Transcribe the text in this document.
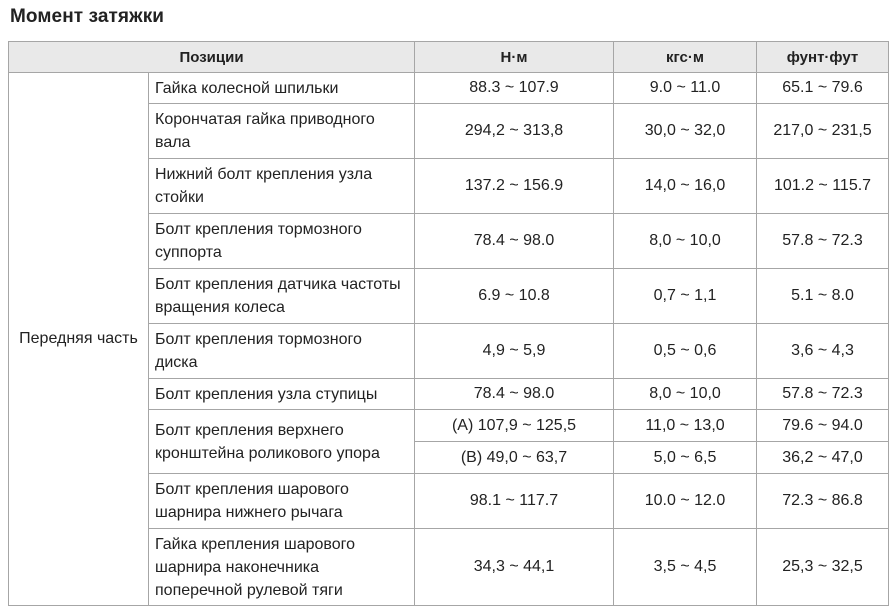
Момент затяжки
Позиции		Н·м	кгс·м	фунт·фут
Передняя часть	Гайка колесной шпильки	88.3 ~ 107.9	9.0 ~ 11.0	65.1 ~ 79.6
	Корончатая гайка приводного вала	294,2 ~ 313,8	30,0 ~ 32,0	217,0 ~ 231,5
	Нижний болт крепления узла стойки	137.2 ~ 156.9	14,0 ~ 16,0	101.2 ~ 115.7
	Болт крепления тормозного суппорта	78.4 ~ 98.0	8,0 ~ 10,0	57.8 ~ 72.3
	Болт крепления датчика частоты вращения колеса	6.9 ~ 10.8	0,7 ~ 1,1	5.1 ~ 8.0
	Болт крепления тормозного диска	4,9 ~ 5,9	0,5 ~ 0,6	3,6 ~ 4,3
	Болт крепления узла ступицы	78.4 ~ 98.0	8,0 ~ 10,0	57.8 ~ 72.3
	Болт крепления верхнего кронштейна роликового упора	(A) 107,9 ~ 125,5	11,0 ~ 13,0	79.6 ~ 94.0
		(B) 49,0 ~ 63,7	5,0 ~ 6,5	36,2 ~ 47,0
	Болт крепления шарового шарнира нижнего рычага	98.1 ~ 117.7	10.0 ~ 12.0	72.3 ~ 86.8
	Гайка крепления шарового шарнира наконечника поперечной рулевой тяги	34,3 ~ 44,1	3,5 ~ 4,5	25,3 ~ 32,5
